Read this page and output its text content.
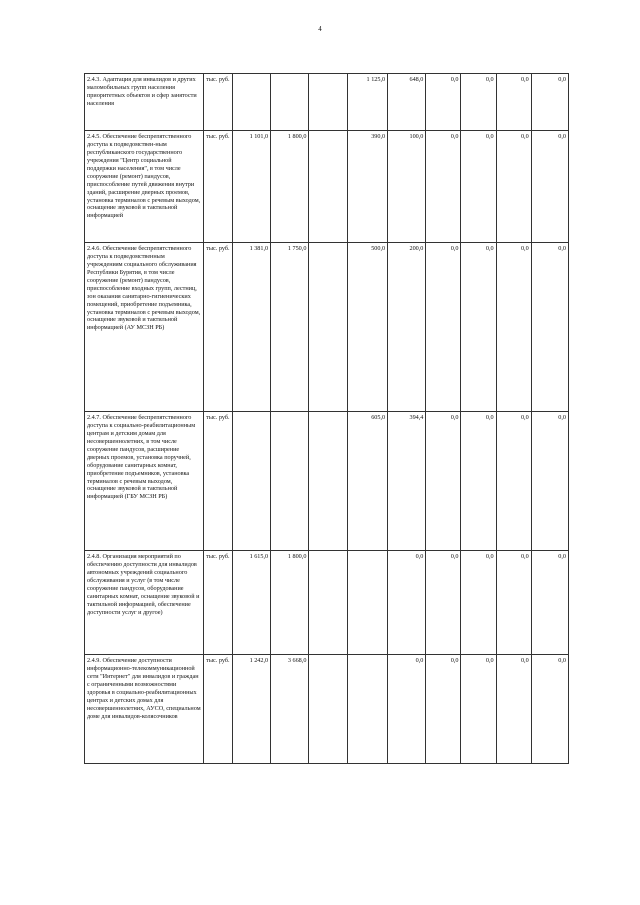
4
2.4.3. Адаптация для инвалидов и других маломобильных групп населения приоритетных объектов и сфер занятости населения	тыс. руб.				1 125,0	648,0	0,0	0,0	0,0	0,0
2.4.5. Обеспечение беспрепятственного доступа к подведомствен-ным республиканского государственного учреждения "Центр социальной поддержки населения", в том числе сооружение (ремонт) пандусов, приспособление путей движения внутри зданий, расширение дверных проемов, установка терминалов с речевым выходом, оснащение звуковой и тактильной информацией	тыс. руб.	1 101,0	1 800,0		390,0	100,0	0,0	0,0	0,0	0,0
2.4.6. Обеспечение беспрепятственного доступа к подведомственным учреждениям социального обслуживания Республики Бурятия, в том числе сооружение (ремонт) пандусов, приспособление входных групп, лестниц, зон оказания санитарно-гигиенических помещений, приобретение подъемника, установка терминалов с речевым выходом, оснащение звуковой и тактильной информацией (АУ МСЗН РБ)	тыс. руб.	1 381,0	1 750,0		500,0	200,0	0,0	0,0	0,0	0,0
2.4.7. Обеспечение беспрепятственного доступа к социально-реабилитационным центрам и детским домам для несовершеннолетних, в том числе сооружение пандусов, расширение дверных проемов, установка поручней, оборудование санитарных комнат, приобретение подъемников, установка терминалов с речевым выходом, оснащение звуковой и тактильной информацией (ГБУ МСЗН РБ)	тыс. руб.				605,0	394,4	0,0	0,0	0,0	0,0
2.4.8. Организация мероприятий по обеспечению доступности для инвалидов автономных учреждений социального обслуживания и услуг (в том числе сооружение пандусов, оборудование санитарных комнат, оснащение звуковой и тактильной информацией, обеспечение доступности услуг и другое)	тыс. руб.	1 615,0	1 800,0			0,0	0,0	0,0	0,0	0,0
2.4.9. Обеспечение доступности информационно-телекоммуникационной сети "Интернет" для инвалидов и граждан с ограниченными возможностями здоровья в социально-реабилитационных центрах и детских домах для несовершеннолетних, АУСО, специальном доме для инвалидов-колясочников	тыс. руб.	1 242,0	3 668,0			0,0	0,0	0,0	0,0	0,0
